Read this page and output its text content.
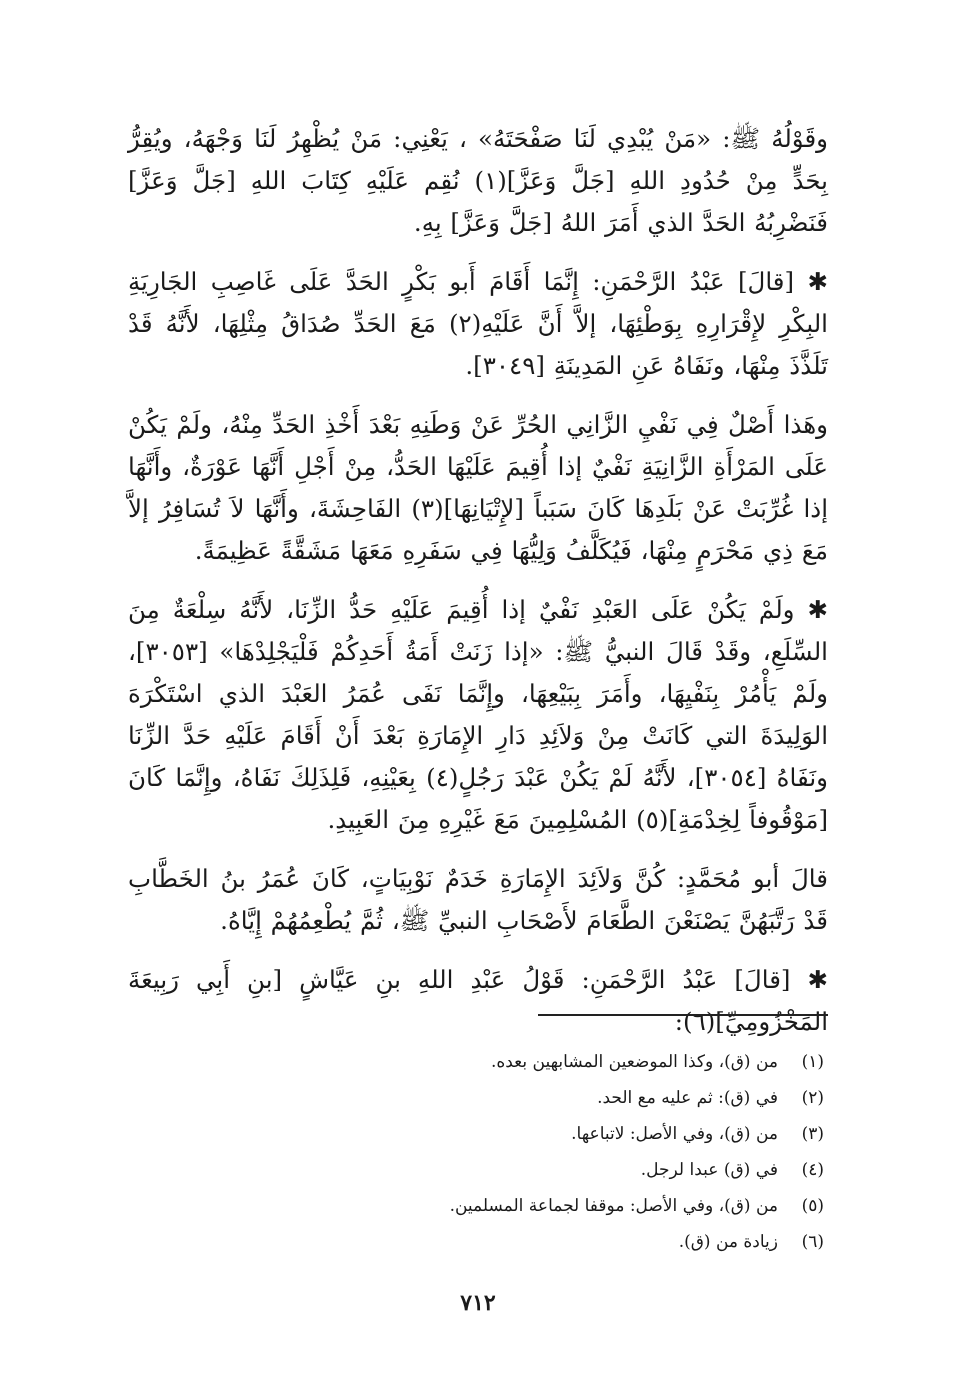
وقَوْلُهُ ﷺ: «مَنْ يُبْدِي لَنَا صَفْحَتَهُ» ، يَعْنِي: مَنْ يُظْهِرُ لَنَا وَجْهَهُ، ويُقِرُّ بِحَدٍّ مِنْ حُدُودِ اللهِ [جَلَّ وَعَزَّ](١) نُقِم عَلَيْهِ كِتَابَ اللهِ [جَلَّ وَعَزَّ] فَنَضْرِبُهُ الحَدَّ الذي أَمَرَ اللهُ [جَلَّ وَعَزَّ] بِهِ.

✱ [قالَ] عَبْدُ الرَّحْمَنِ: إِنَّمَا أَقَامَ أَبو بَكْرٍ الحَدَّ عَلَى غَاصِبِ الجَارِيَةِ البِكْرِ لإِقْرَارِهِ بِوَطْئِهَا، إلاَّ أَنَّ عَلَيْهِ(٢) مَعَ الحَدِّ صُدَاقُ مِثْلِهَا، لأَنَّهُ قَدْ تَلَذَّذَ مِنْهَا، ونَفَاهُ عَنِ المَدِينَةِ [٣٠٤٩].

وهَذا أَصْلٌ فِي نَفْيِ الزَّانِي الحُرِّ عَنْ وَطَنِهِ بَعْدَ أَخْذِ الحَدِّ مِنْهُ، ولَمْ يَكُنْ عَلَى المَرْأَةِ الزَّانِيَةِ نَفْيٌ إذا أُقِيمَ عَلَيْهَا الحَدُّ، مِنْ أَجْلِ أَنَّهَا عَوْرَةٌ، وأَنَّهَا إذا غُرِّبَتْ عَنْ بَلَدِهَا كَانَ سَبَباً [لإِتْيَانِهَا](٣) الفَاحِشَةَ، وأَنَّهَا لاَ تُسَافِرُ إلاَّ مَعَ ذِي مَحْرَمٍ مِنْهَا، فَيُكَلَّفُ وَلِيُّهَا فِي سَفَرِهِ مَعَهَا مَشَقَّةً عَظِيمَةً.

✱ ولَمْ يَكُنْ عَلَى العَبْدِ نَفْيٌ إذا أُقِيمَ عَلَيْهِ حَدُّ الزِّنَا، لأَنَّهُ سِلْعَةٌ مِنَ السِّلَعِ، وقَدْ قَالَ النبيُّ ﷺ: «إذا زَنَتْ أَمَةُ أَحَدِكُمْ فَلْيَجْلِدْهَا» [٣٠٥٣]، ولَمْ يَأْمُرْ بِنَفْيِهَا، وأَمَرَ بِبَيْعِهَا، وإِنَّمَا نَفَى عُمَرُ العَبْدَ الذي اسْتَكْرَهَ الوَلِيدَةَ التي كَانَتْ مِنْ وَلاَئِدِ دَارِ الإِمَارَةِ بَعْدَ أَنْ أَقَامَ عَلَيْهِ حَدَّ الزِّنَا ونَفَاهُ [٣٠٥٤]، لأَنَّهُ لَمْ يَكُنْ عَبْدَ رَجُلٍ(٤) بِعَيْنِهِ، فَلِذَلِكَ نَفَاهُ، وإِنَّمَا كَانَ [مَوْقُوفاً لِخِدْمَةِ](٥) المُسْلِمِينَ مَعَ غَيْرِهِ مِنَ العَبِيدِ.

قالَ أبو مُحَمَّدٍ: كُنَّ وَلاَئِدَ الإِمَارَةِ خَدَمٌ نَوْبِيَاتٍ، كَانَ عُمَرُ بنُ الخَطَّابِ قَدْ رَتَّبَهُنَّ يَصْنَعْنَ الطَّعَامَ لأَصْحَابِ النبيِّ ﷺ، ثُمَّ يُطْعِمُهُمْ إِيَّاهُ.

✱ [قالَ] عَبْدُ الرَّحْمَنِ: قَوْلُ عَبْدِ اللهِ بنِ عَيَّاشٍ [بنِ أَبِي رَبِيعَةَ المَخْزُومِيِّ](٦):

(١)
من (ق)، وكذا الموضعين المشابهين بعده.
(٢)
في (ق): ثم عليه مع الحد.
(٣)
من (ق)، وفي الأصل: لاتباعها.
(٤)
في (ق) عبدا لرجل.
(٥)
من (ق)، وفي الأصل: موقفا لجماعة المسلمين.
(٦)
زيادة من (ق).
٧١٢
